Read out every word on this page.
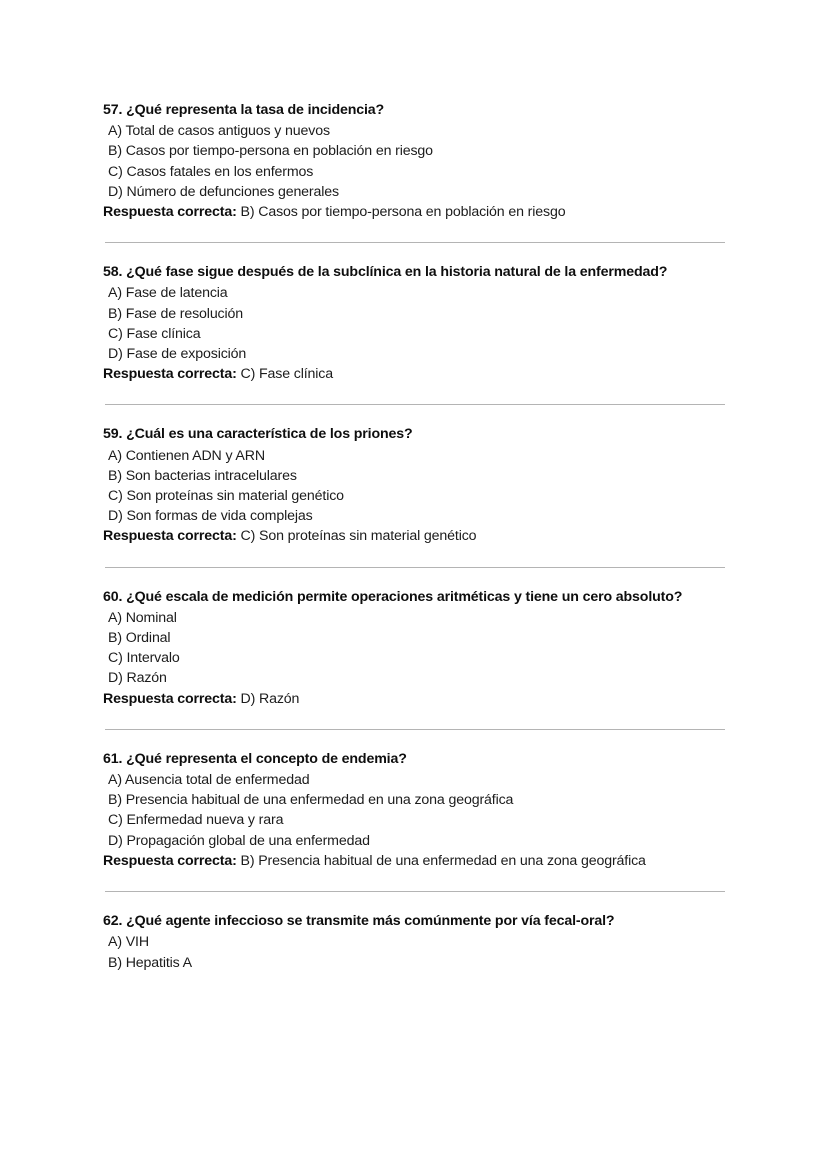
57. ¿Qué representa la tasa de incidencia?

A) Total de casos antiguos y nuevos

B) Casos por tiempo-persona en población en riesgo

C) Casos fatales en los enfermos

D) Número de defunciones generales

Respuesta correcta: B) Casos por tiempo-persona en población en riesgo

58. ¿Qué fase sigue después de la subclínica en la historia natural de la enfermedad?

A) Fase de latencia

B) Fase de resolución

C) Fase clínica

D) Fase de exposición

Respuesta correcta: C) Fase clínica

59. ¿Cuál es una característica de los priones?

A) Contienen ADN y ARN

B) Son bacterias intracelulares

C) Son proteínas sin material genético

D) Son formas de vida complejas

Respuesta correcta: C) Son proteínas sin material genético

60. ¿Qué escala de medición permite operaciones aritméticas y tiene un cero absoluto?

A) Nominal

B) Ordinal

C) Intervalo

D) Razón

Respuesta correcta: D) Razón

61. ¿Qué representa el concepto de endemia?

A) Ausencia total de enfermedad

B) Presencia habitual de una enfermedad en una zona geográfica

C) Enfermedad nueva y rara

D) Propagación global de una enfermedad

Respuesta correcta: B) Presencia habitual de una enfermedad en una zona geográfica

62. ¿Qué agente infeccioso se transmite más comúnmente por vía fecal-oral?

A) VIH

B) Hepatitis A
